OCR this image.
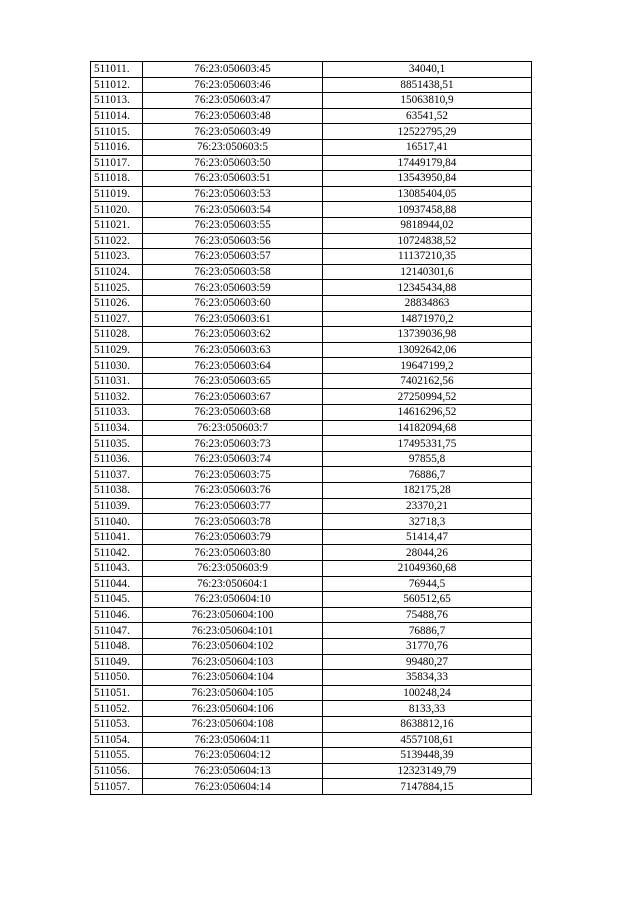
511011.	76:23:050603:45	34040,1
511012.	76:23:050603:46	8851438,51
511013.	76:23:050603:47	15063810,9
511014.	76:23:050603:48	63541,52
511015.	76:23:050603:49	12522795,29
511016.	76:23:050603:5	16517,41
511017.	76:23:050603:50	17449179,84
511018.	76:23:050603:51	13543950,84
511019.	76:23:050603:53	13085404,05
511020.	76:23:050603:54	10937458,88
511021.	76:23:050603:55	9818944,02
511022.	76:23:050603:56	10724838,52
511023.	76:23:050603:57	11137210,35
511024.	76:23:050603:58	12140301,6
511025.	76:23:050603:59	12345434,88
511026.	76:23:050603:60	28834863
511027.	76:23:050603:61	14871970,2
511028.	76:23:050603:62	13739036,98
511029.	76:23:050603:63	13092642,06
511030.	76:23:050603:64	19647199,2
511031.	76:23:050603:65	7402162,56
511032.	76:23:050603:67	27250994,52
511033.	76:23:050603:68	14616296,52
511034.	76:23:050603:7	14182094,68
511035.	76:23:050603:73	17495331,75
511036.	76:23:050603:74	97855,8
511037.	76:23:050603:75	76886,7
511038.	76:23:050603:76	182175,28
511039.	76:23:050603:77	23370,21
511040.	76:23:050603:78	32718,3
511041.	76:23:050603:79	51414,47
511042.	76:23:050603:80	28044,26
511043.	76:23:050603:9	21049360,68
511044.	76:23:050604:1	76944,5
511045.	76:23:050604:10	560512,65
511046.	76:23:050604:100	75488,76
511047.	76:23:050604:101	76886,7
511048.	76:23:050604:102	31770,76
511049.	76:23:050604:103	99480,27
511050.	76:23:050604:104	35834,33
511051.	76:23:050604:105	100248,24
511052.	76:23:050604:106	8133,33
511053.	76:23:050604:108	8638812,16
511054.	76:23:050604:11	4557108,61
511055.	76:23:050604:12	5139448,39
511056.	76:23:050604:13	12323149,79
511057.	76:23:050604:14	7147884,15
